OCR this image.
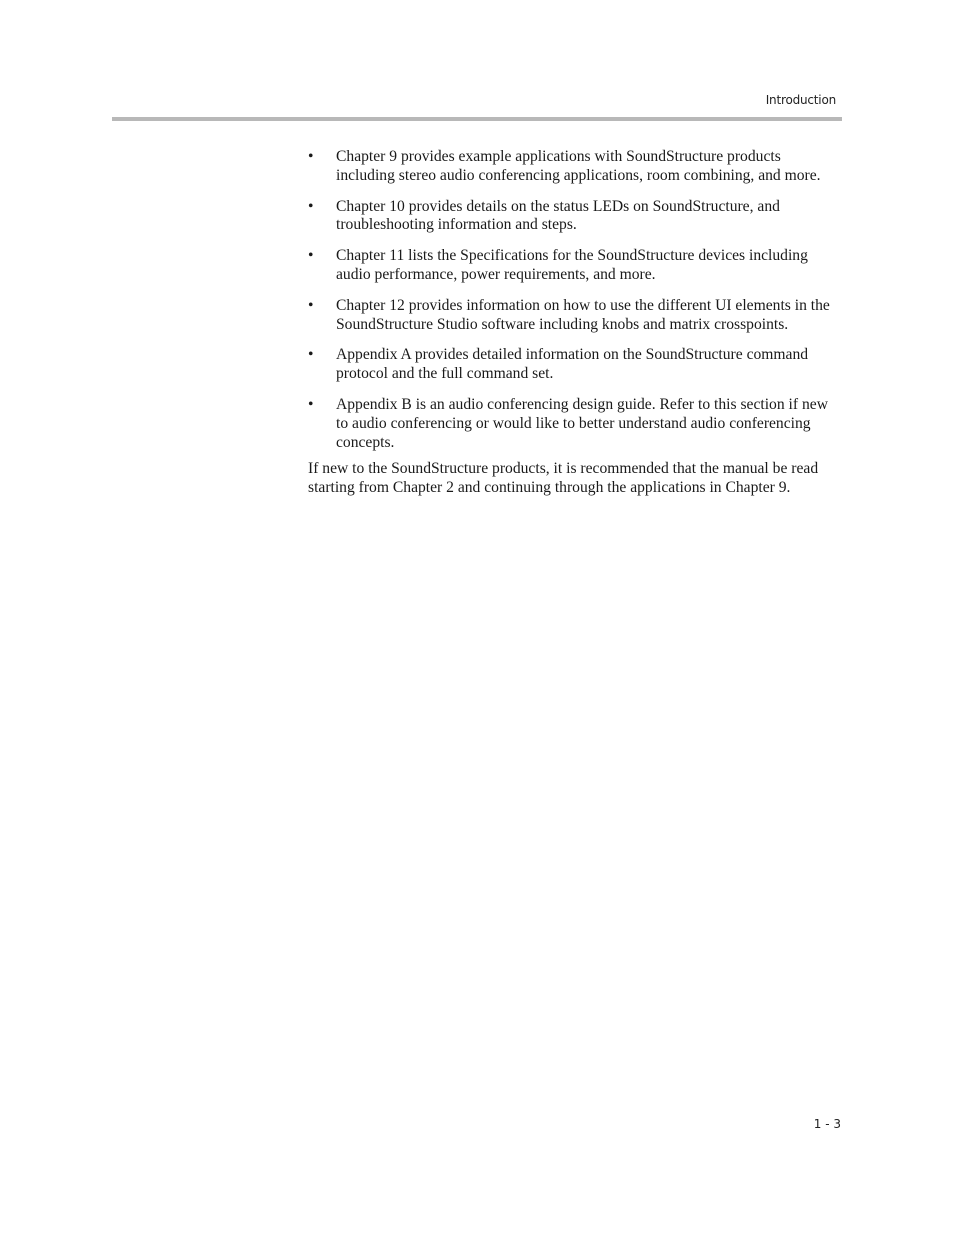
Introduction
• Chapter 9 provides example applications with SoundStructure products including stereo audio conferencing applications, room combining, and more.
• Chapter 10 provides details on the status LEDs on SoundStructure, and troubleshooting information and steps.
• Chapter 11 lists the Specifications for the SoundStructure devices including audio performance, power requirements, and more.
• Chapter 12 provides information on how to use the different UI elements in the SoundStructure Studio software including knobs and matrix crosspoints.
• Appendix A provides detailed information on the SoundStructure command protocol and the full command set.
• Appendix B is an audio conferencing design guide. Refer to this section if new to audio conferencing or would like to better understand audio conferencing concepts.

If new to the SoundStructure products, it is recommended that the manual be read starting from Chapter 2 and continuing through the applications in Chapter 9.

1 - 3
